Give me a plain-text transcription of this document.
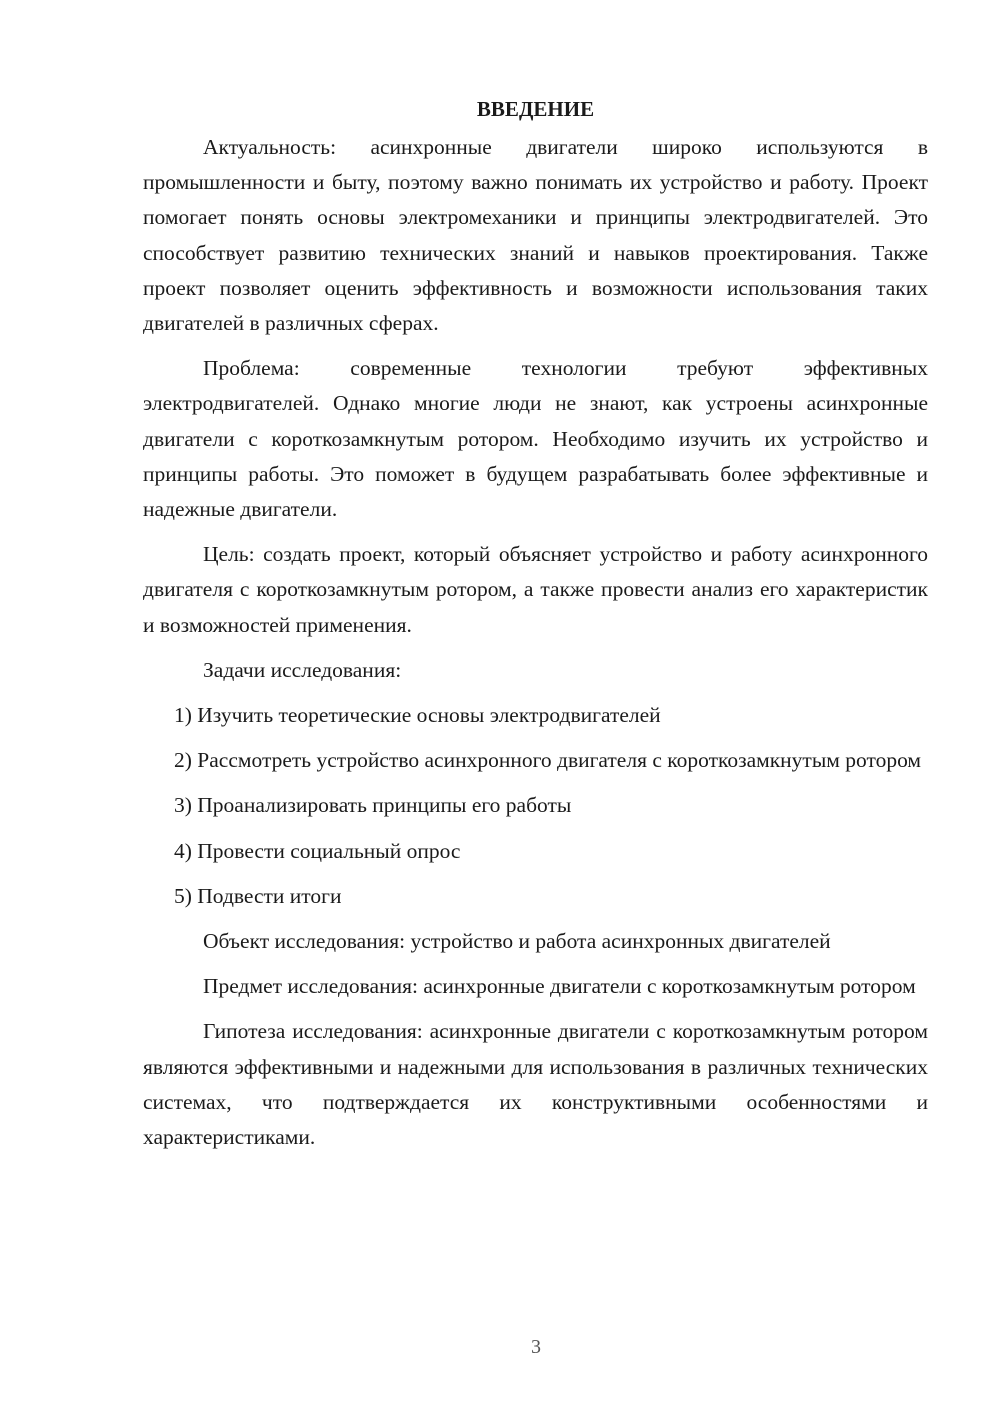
ВВЕДЕНИЕ

Актуальность: асинхронные двигатели широко используются в промышленности и быту, поэтому важно понимать их устройство и работу. Проект помогает понять основы электромеханики и принципы электродвигателей. Это способствует развитию технических знаний и навыков проектирования. Также проект позволяет оценить эффективность и возможности использования таких двигателей в различных сферах.

Проблема: современные технологии требуют эффективных электродвигателей. Однако многие люди не знают, как устроены асинхронные двигатели с короткозамкнутым ротором. Необходимо изучить их устройство и принципы работы. Это поможет в будущем разрабатывать более эффективные и надежные двигатели.

Цель: создать проект, который объясняет устройство и работу асинхронного двигателя с короткозамкнутым ротором, а также провести анализ его характеристик и возможностей применения.

Задачи исследования:

1) Изучить теоретические основы электродвигателей

2) Рассмотреть устройство асинхронного двигателя с короткозамкнутым ротором

3) Проанализировать принципы его работы

4) Провести социальный опрос

5) Подвести итоги

Объект исследования: устройство и работа асинхронных двигателей

Предмет исследования: асинхронные двигатели с короткозамкнутым ротором

Гипотеза исследования: асинхронные двигатели с короткозамкнутым ротором являются эффективными и надежными для использования в различных технических системах, что подтверждается их конструктивными особенностями и характеристиками.

3
